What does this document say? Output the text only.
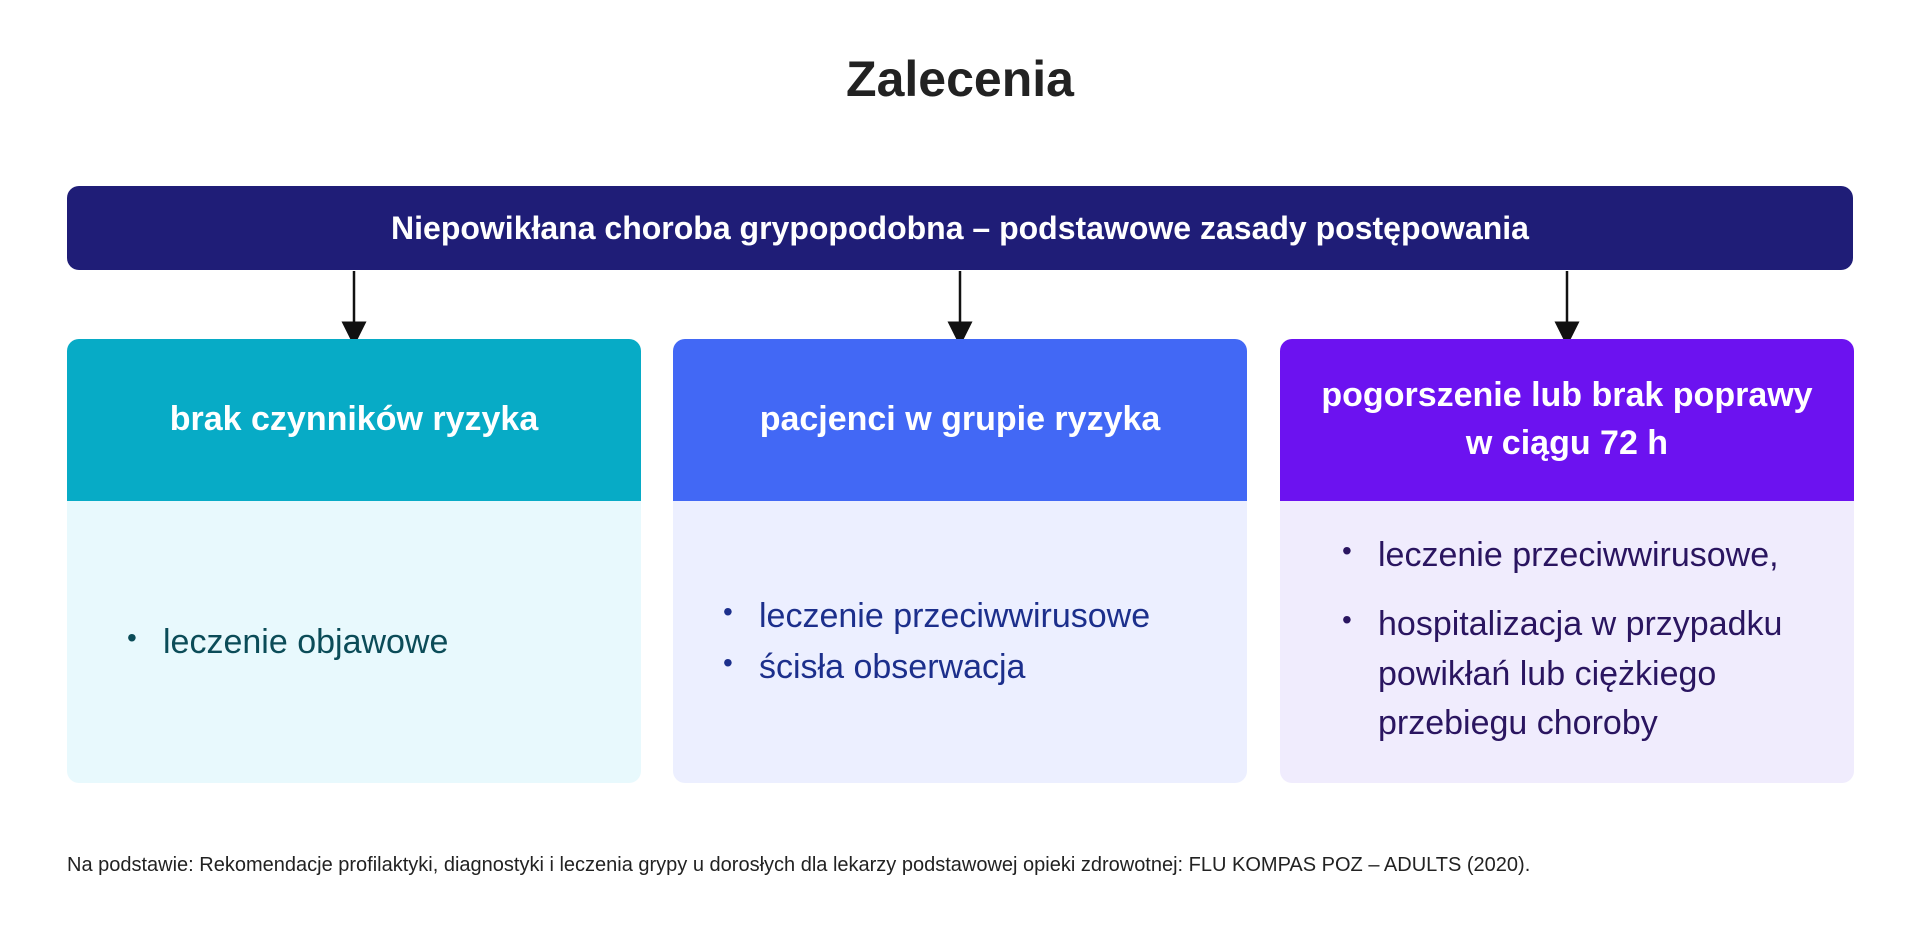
Zalecenia
Niepowikłana choroba grypopodobna – podstawowe zasady postępowania
brak czynników ryzyka
• leczenie objawowe
pacjenci w grupie ryzyka
• leczenie przeciwwirusowe
• ścisła obserwacja
pogorszenie lub brak poprawy w ciągu 72 h
• leczenie przeciwwirusowe,
• hospitalizacja w przypadku powikłań lub ciężkiego przebiegu choroby
Na podstawie: Rekomendacje profilaktyki, diagnostyki i leczenia grypy u dorosłych dla lekarzy podstawowej opieki zdrowotnej: FLU KOMPAS POZ – ADULTS (2020).
